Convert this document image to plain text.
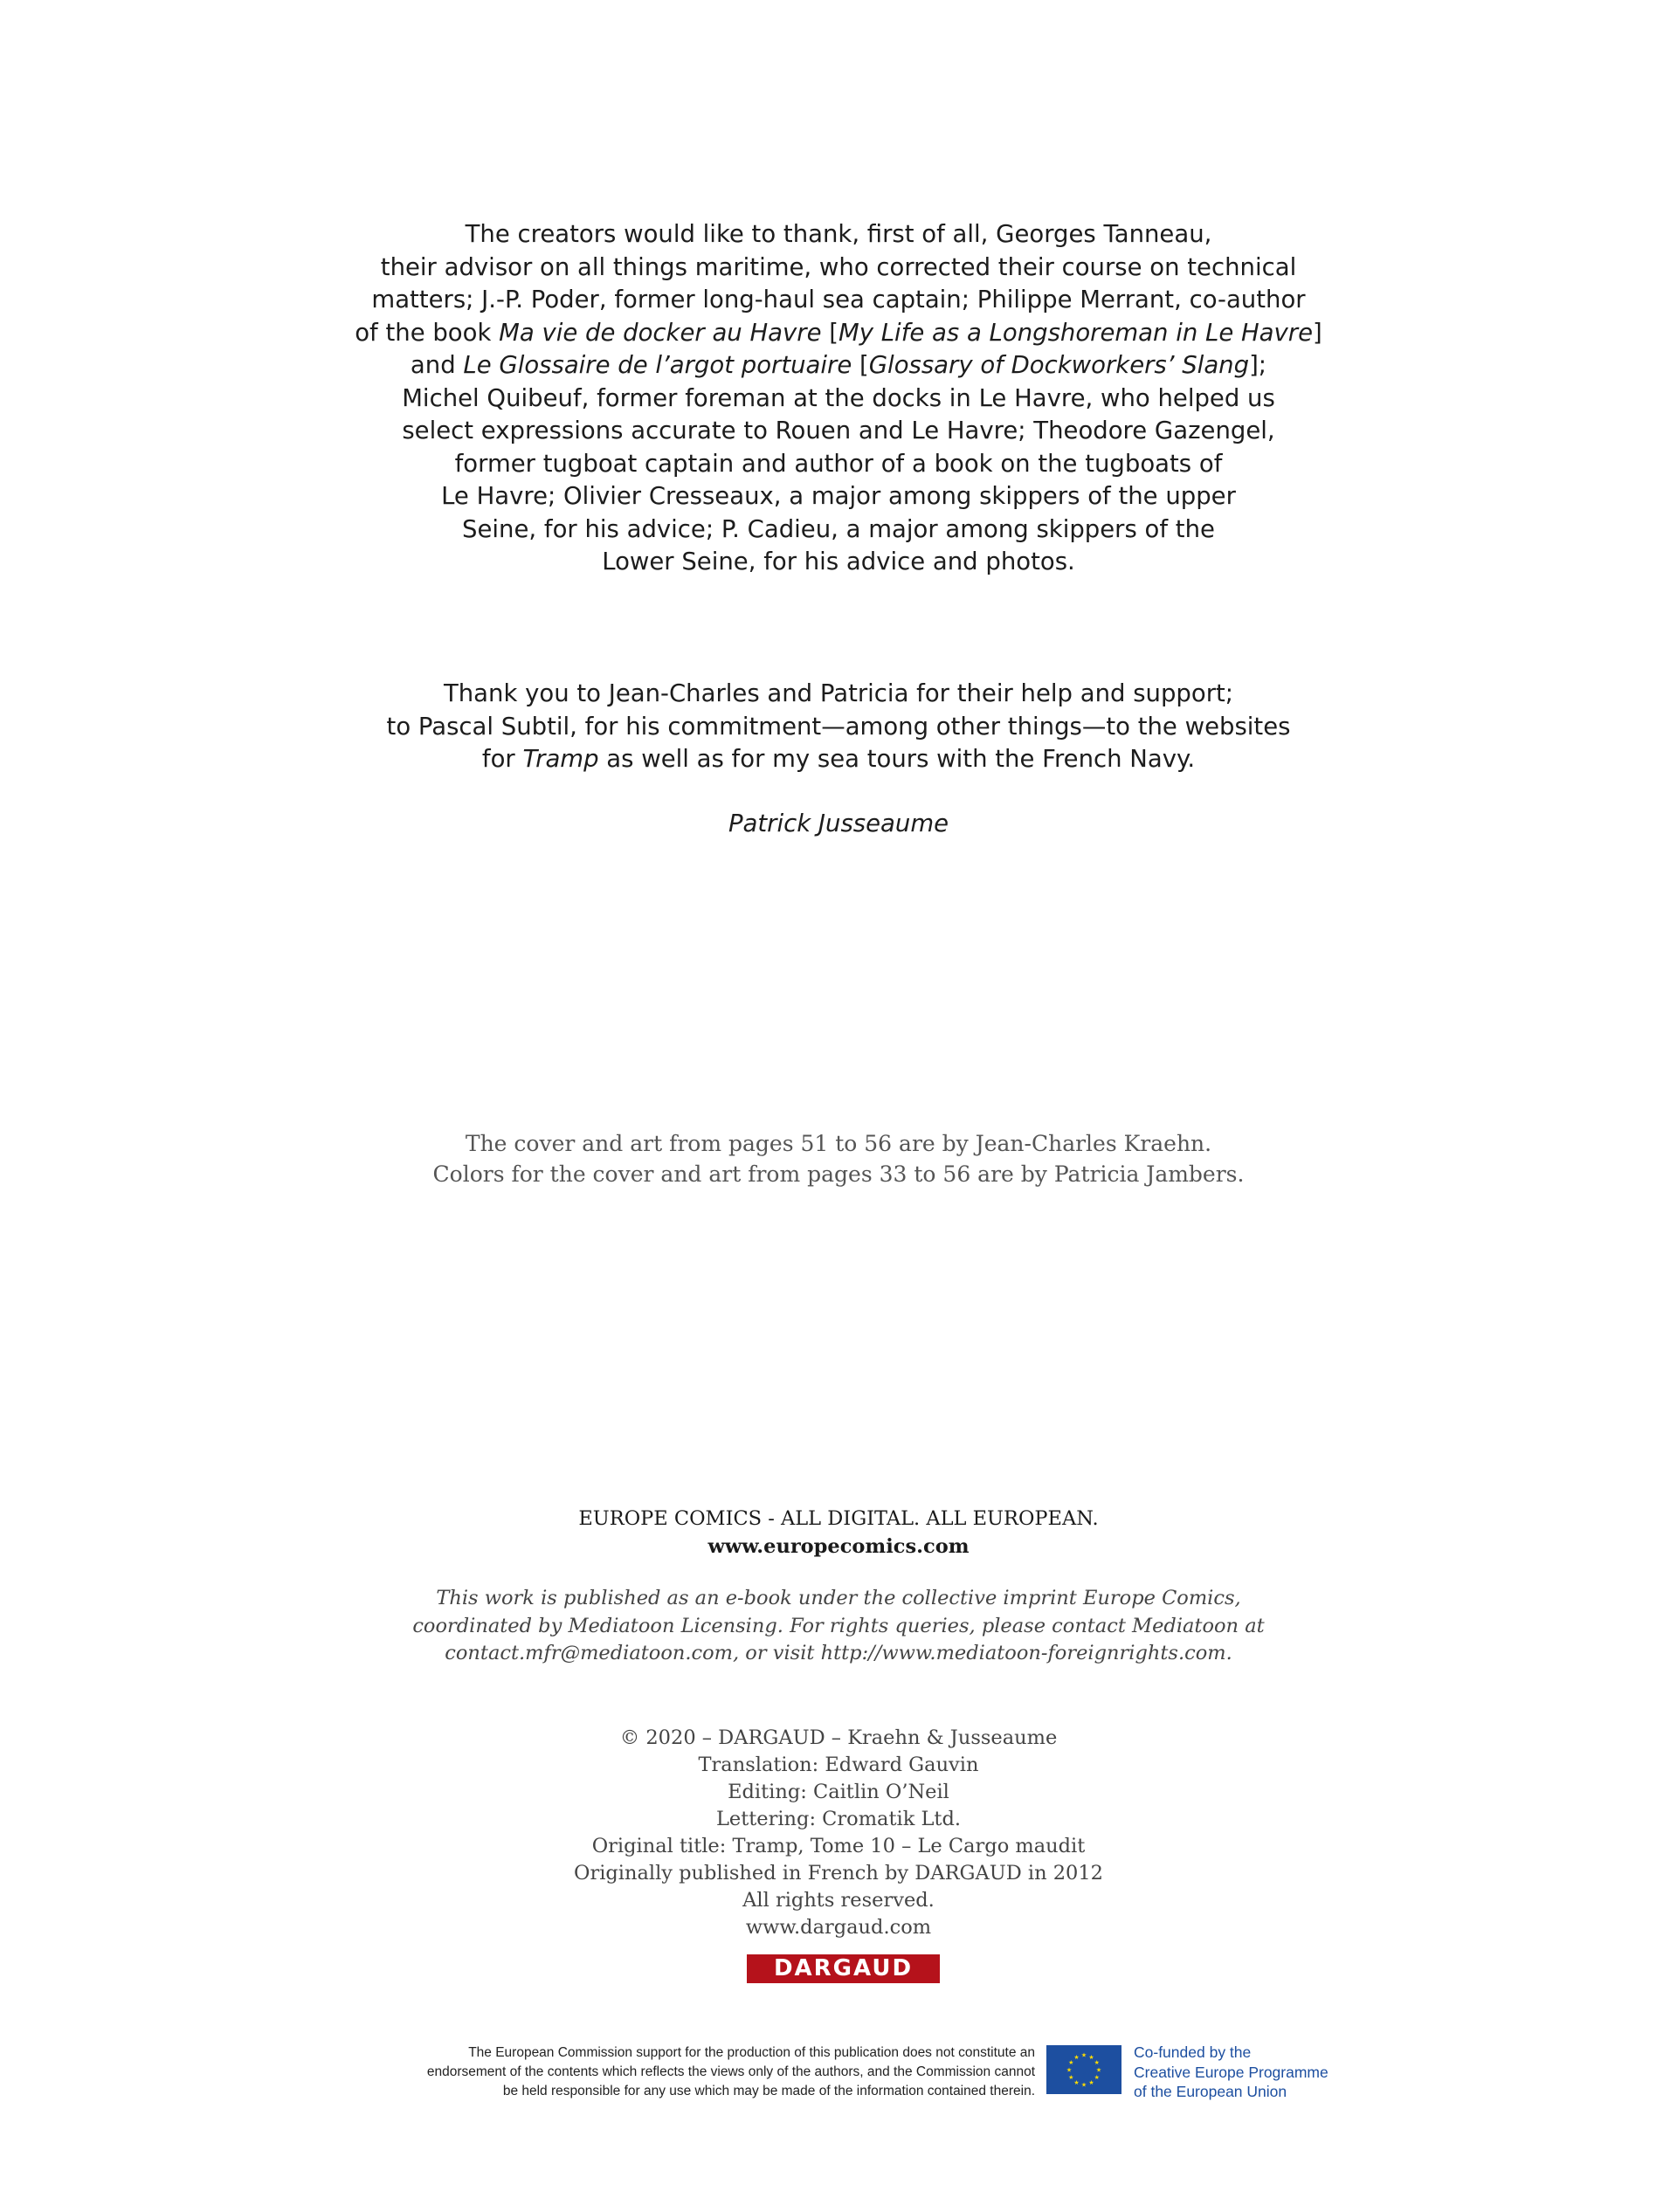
The creators would like to thank, first of all, Georges Tanneau,
their advisor on all things maritime, who corrected their course on technical
matters; J.-P. Poder, former long-haul sea captain; Philippe Merrant, co-author
of the book Ma vie de docker au Havre [My Life as a Longshoreman in Le Havre]
and Le Glossaire de l’argot portuaire [Glossary of Dockworkers’ Slang];
Michel Quibeuf, former foreman at the docks in Le Havre, who helped us
select expressions accurate to Rouen and Le Havre; Theodore Gazengel,
former tugboat captain and author of a book on the tugboats of
Le Havre; Olivier Cresseaux, a major among skippers of the upper
Seine, for his advice; P. Cadieu, a major among skippers of the
Lower Seine, for his advice and photos.
Thank you to Jean-Charles and Patricia for their help and support;
to Pascal Subtil, for his commitment—among other things—to the websites
for Tramp as well as for my sea tours with the French Navy.
Patrick Jusseaume
The cover and art from pages 51 to 56 are by Jean-Charles Kraehn.
Colors for the cover and art from pages 33 to 56 are by Patricia Jambers.
EUROPE COMICS - ALL DIGITAL. ALL EUROPEAN.
www.europecomics.com
This work is published as an e-book under the collective imprint Europe Comics,
coordinated by Mediatoon Licensing. For rights queries, please contact Mediatoon at
contact.mfr@mediatoon.com, or visit http://www.mediatoon-foreignrights.com.
© 2020 – DARGAUD – Kraehn & Jusseaume
Translation: Edward Gauvin
Editing: Caitlin O’Neil
Lettering: Cromatik Ltd.
Original title: Tramp, Tome 10 – Le Cargo maudit
Originally published in French by DARGAUD in 2012
All rights reserved.
www.dargaud.com
DARGAUD
The European Commission support for the production of this publication does not constitute an
endorsement of the contents which reflects the views only of the authors, and the Commission cannot
be held responsible for any use which may be made of the information contained therein.
★ ★
★
★
★
★
★
★
★
★
★
★	Co-funded by the
Creative Europe Programme
of the European Union
